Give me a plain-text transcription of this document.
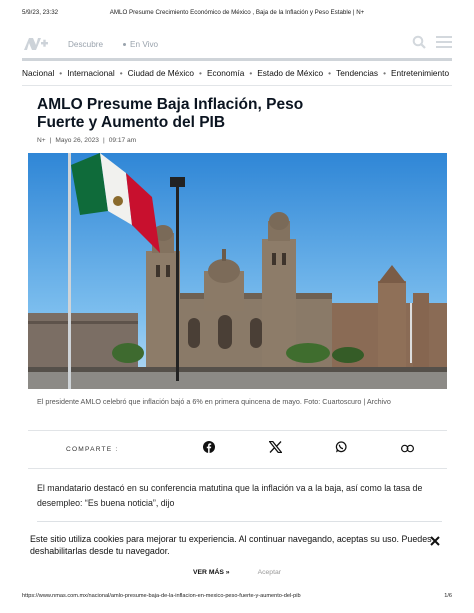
5/9/23, 23:32	AMLO Presume Crecimiento Económico de México , Baja de la Inflación y Peso Estable | N+
Descubre	En Vivo
Nacional • Internacional • Ciudad de México • Economía • Estado de México • Tendencias • Entretenimiento
AMLO Presume Baja Inflación, Peso Fuerte y Aumento del PIB
N+ | Mayo 26, 2023 | 09:17 am

El presidente AMLO celebró que inflación bajó a 6% en primera quincena de mayo. Foto: Cuartoscuro | Archivo

COMPARTE :

El mandatario destacó en su conferencia matutina que la inflación va a la baja, así como la tasa de desempleo: “Es buena noticia”, dijo

Este sitio utiliza cookies para mejorar tu experiencia. Al continuar navegando, aceptas su uso. Puedes deshabilitarlas desde tu navegador.

VER MÁS »	Aceptar
https://www.nmas.com.mx/nacional/amlo-presume-baja-de-la-inflacion-en-mexico-peso-fuerte-y-aumento-del-pib	1/6
